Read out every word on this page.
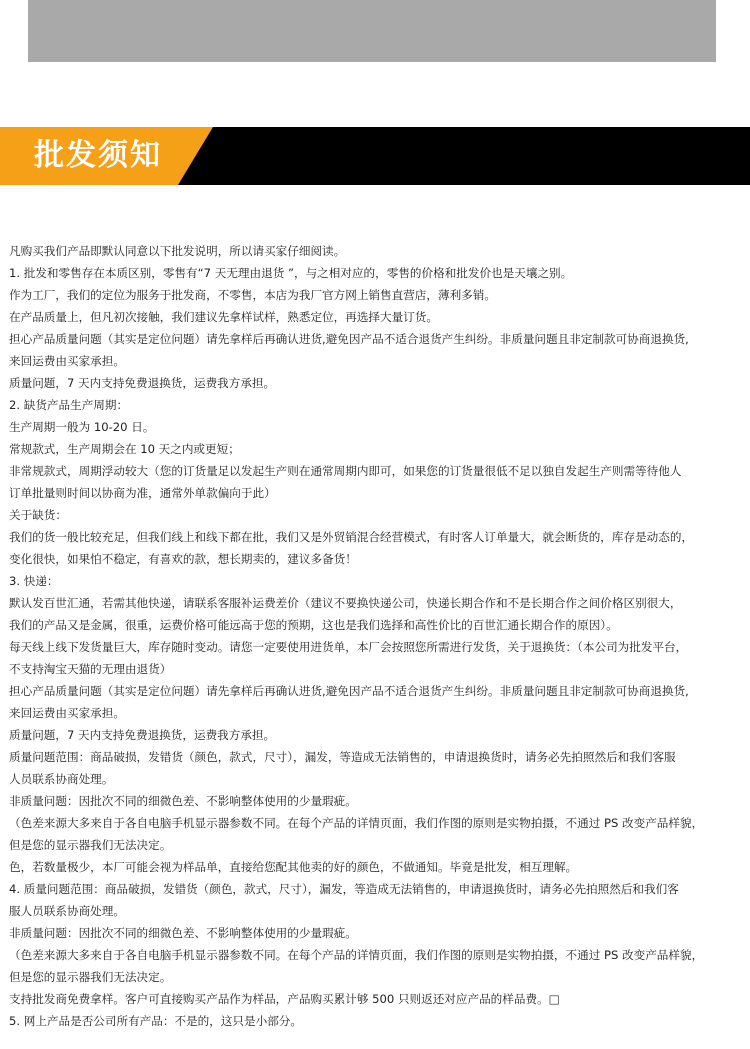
批发须知
凡购买我们产品即默认同意以下批发说明，所以请买家仔细阅读。
1. 批发和零售存在本质区别，零售有“7 天无理由退货 ”，与之相对应的，零售的价格和批发价也是天壤之别。
作为工厂，我们的定位为服务于批发商，不零售，本店为我厂官方网上销售直营店，薄利多销。
在产品质量上，但凡初次接触，我们建议先拿样试样，熟悉定位，再选择大量订货。
担心产品质量问题（其实是定位问题）请先拿样后再确认进货,避免因产品不适合退货产生纠纷。非质量问题且非定制款可协商退换货,
来回运费由买家承担。
质量问题，7 天内支持免费退换货，运费我方承担。
2. 缺货产品生产周期：
生产周期一般为 10-20 日。
常规款式，生产周期会在 10 天之内或更短；
非常规款式，周期浮动较大（您的订货量足以发起生产则在通常周期内即可，如果您的订货量很低不足以独自发起生产则需等待他人
订单批量则时间以协商为准，通常外单款偏向于此）
关于缺货：
我们的货一般比较充足，但我们线上和线下都在批，我们又是外贸销混合经营模式，有时客人订单量大，就会断货的，库存是动态的，
变化很快，如果怕不稳定，有喜欢的款，想长期卖的，建议多备货！
3. 快递：
默认发百世汇通，若需其他快递，请联系客服补运费差价（建议不要换快递公司，快递长期合作和不是长期合作之间价格区别很大，
我们的产品又是金属，很重，运费价格可能远高于您的预期，这也是我们选择和高性价比的百世汇通长期合作的原因）。
每天线上线下发货量巨大，库存随时变动。请您一定要使用进货单，本厂会按照您所需进行发货，关于退换货：（本公司为批发平台，
不支持淘宝天猫的无理由退货）
担心产品质量问题（其实是定位问题）请先拿样后再确认进货,避免因产品不适合退货产生纠纷。非质量问题且非定制款可协商退换货,
来回运费由买家承担。
质量问题，7 天内支持免费退换货，运费我方承担。
质量问题范围：商品破损，发错货（颜色，款式，尺寸），漏发，等造成无法销售的，申请退换货时，请务必先拍照然后和我们客服
人员联系协商处理。
非质量问题：因批次不同的细微色差、不影响整体使用的少量瑕疵。
（色差来源大多来自于各自电脑手机显示器参数不同。在每个产品的详情页面，我们作图的原则是实物拍摄，不通过 PS 改变产品样貌，
但是您的显示器我们无法决定。
色，若数量极少，本厂可能会视为样品单，直接给您配其他卖的好的颜色，不做通知。毕竟是批发，相互理解。
4. 质量问题范围：商品破损，发错货（颜色，款式，尺寸），漏发，等造成无法销售的，申请退换货时，请务必先拍照然后和我们客
服人员联系协商处理。
非质量问题：因批次不同的细微色差、不影响整体使用的少量瑕疵。
（色差来源大多来自于各自电脑手机显示器参数不同。在每个产品的详情页面，我们作图的原则是实物拍摄，不通过 PS 改变产品样貌，
但是您的显示器我们无法决定。
支持批发商免费拿样。客户可直接购买产品作为样品，产品购买累计够 500 只则返还对应产品的样品费。□
5. 网上产品是否公司所有产品：不是的，这只是小部分。
